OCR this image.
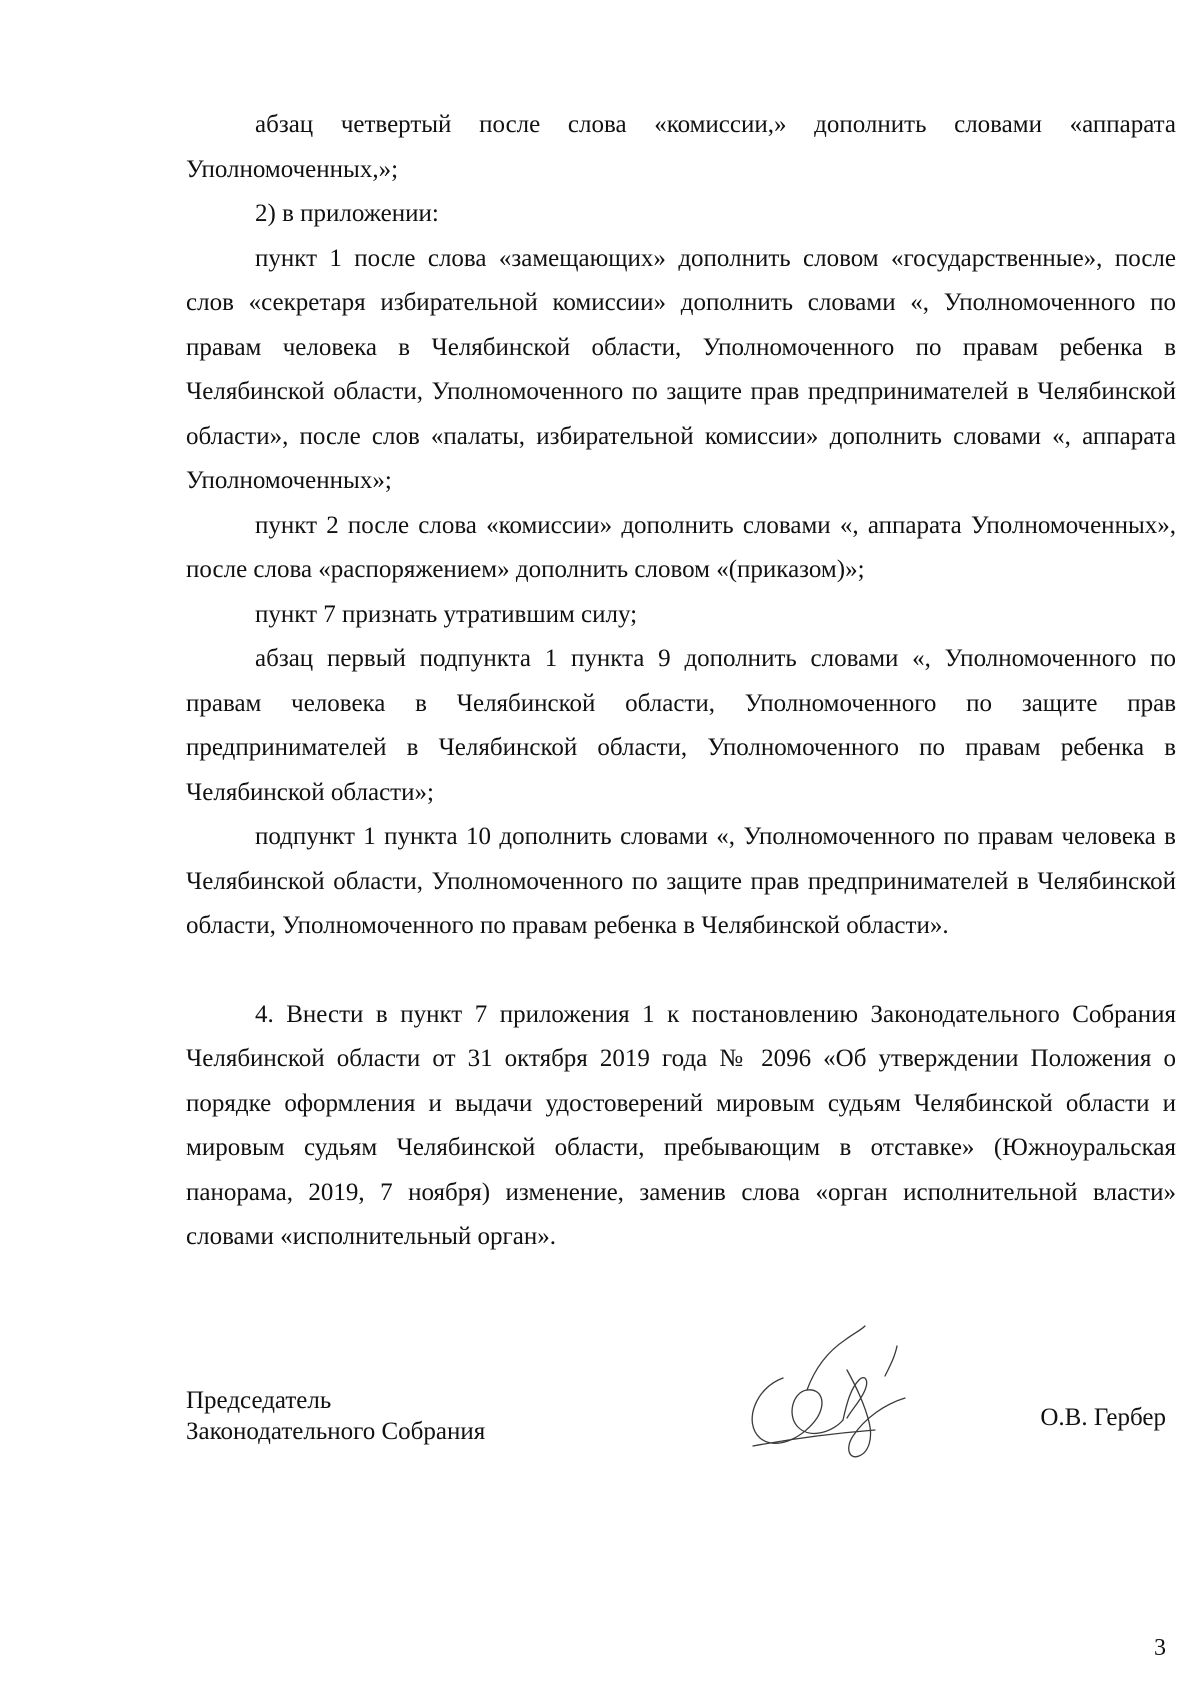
абзац четвертый после слова «комиссии,» дополнить словами «аппарата Уполномоченных,»;

2) в приложении:

пункт 1 после слова «замещающих» дополнить словом «государственные», после слов «секретаря избирательной комиссии» дополнить словами «, Уполномоченного по правам человека в Челябинской области, Уполномоченного по правам ребенка в Челябинской области, Уполномоченного по защите прав предпринимателей в Челябинской области», после слов «палаты, избирательной комиссии» дополнить словами «, аппарата Уполномоченных»;

пункт 2 после слова «комиссии» дополнить словами «, аппарата Уполномоченных», после слова «распоряжением» дополнить словом «(приказом)»;

пункт 7 признать утратившим силу;

абзац первый подпункта 1 пункта 9 дополнить словами «, Уполномоченного по правам человека в Челябинской области, Уполномоченного по защите прав предпринимателей в Челябинской области, Уполномоченного по правам ребенка в Челябинской области»;

подпункт 1 пункта 10 дополнить словами «, Уполномоченного по правам человека в Челябинской области, Уполномоченного по защите прав предпринимателей в Челябинской области, Уполномоченного по правам ребенка в Челябинской области».

4. Внести в пункт 7 приложения 1 к постановлению Законодательного Собрания Челябинской области от 31 октября 2019 года № 2096 «Об утверждении Положения о порядке оформления и выдачи удостоверений мировым судьям Челябинской области и мировым судьям Челябинской области, пребывающим в отставке» (Южноуральская панорама, 2019, 7 ноября) изменение, заменив слова «орган исполнительной власти» словами «исполнительный орган».

Председатель
Законодательного Собрания
О.В. Гербер
3
